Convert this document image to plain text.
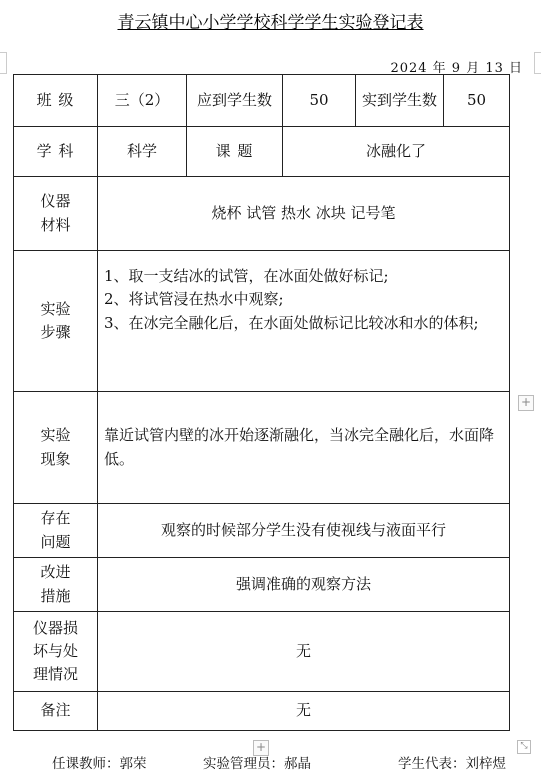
青云镇中心小学学校科学学生实验登记表
2024 年 9 月 13 日
班 级	三（2）	应到学生数	50	实到学生数	50
学 科	科学	课 题	冰融化了		

仪器材料	烧杯 试管 热水 冰块 记号笔				

实验步骤	1、取一支结冰的试管，在冰面处做好标记;
2、将试管浸在热水中观察;
3、在冰完全融化后，在水面处做标记比较冰和水的体积;				

实验现象	靠近试管内壁的冰开始逐渐融化，当冰完全融化后，水面降低。				

存在问题	观察的时候部分学生没有使视线与液面平行				

改进措施	强调准确的观察方法				

仪器损坏与处理情况	无				
备注	无				
+
+	⤡
任课教师：郭荣	实验管理员：郝晶	学生代表：刘梓煜
